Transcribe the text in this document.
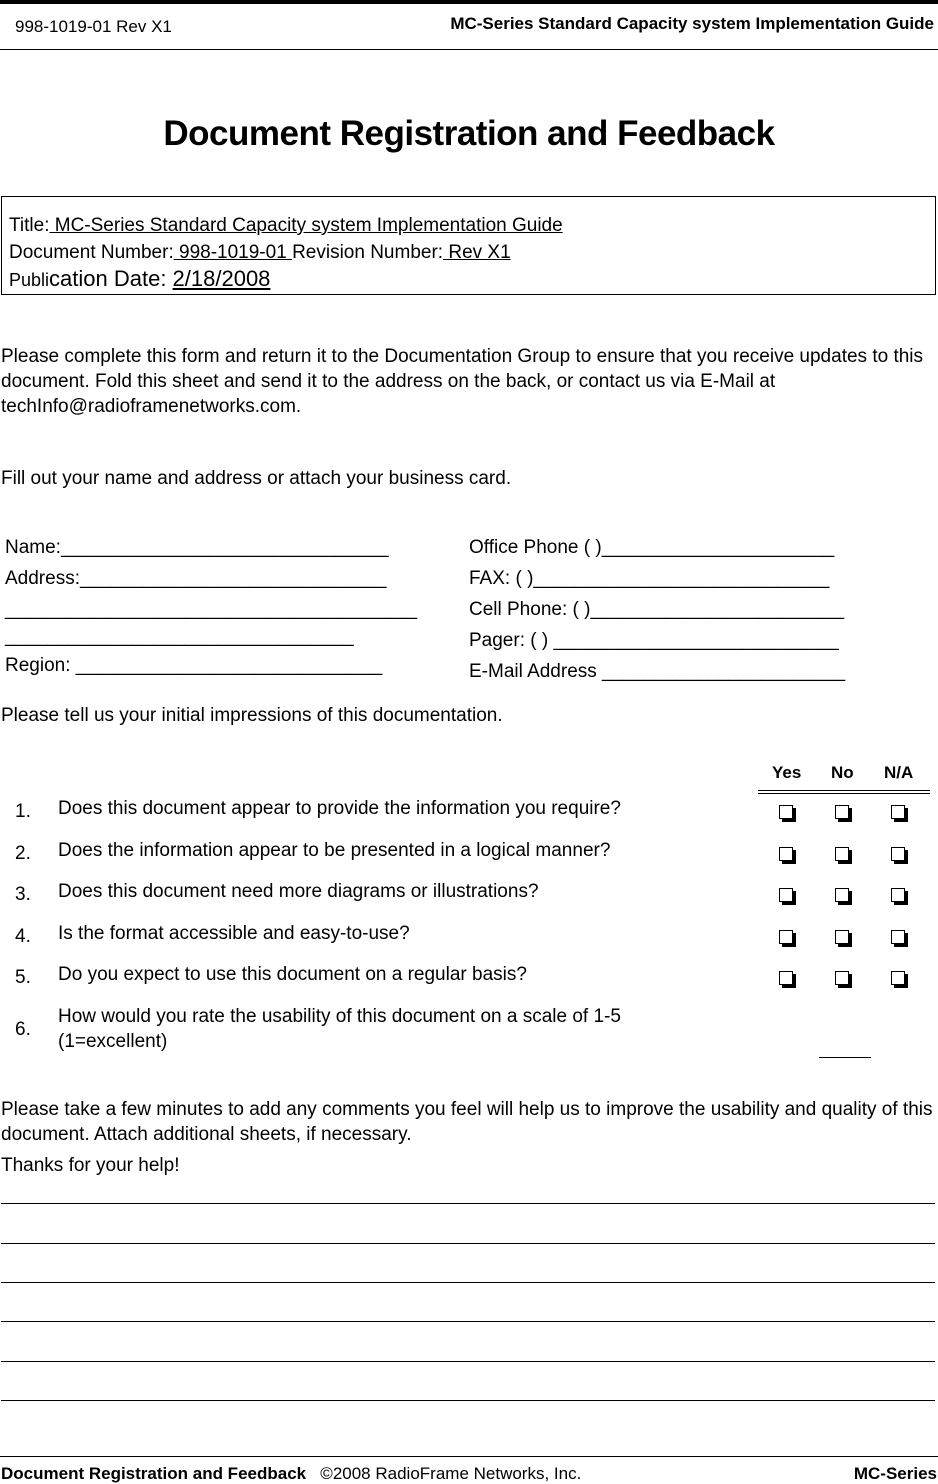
998-1019-01 Rev X1	MC-Series Standard Capacity system Implementation Guide
Document Registration and Feedback
Title: MC-Series Standard Capacity system Implementation Guide
Document Number: 998-1019-01 Revision Number: Rev X1
Publication Date: 2/18/2008
Please complete this form and return it to the Documentation Group to ensure that you receive updates to this document. Fold this sheet and send it to the address on the back, or contact us via E-Mail at techInfo@radioframenetworks.com.
Fill out your name and address or attach your business card.
Name:_______________________________
Address:_____________________________
_______________________________________
_________________________________
Region: _____________________________
Office Phone ( )______________________
FAX: ( )____________________________
Cell Phone: ( )________________________
Pager: ( ) ___________________________
E-Mail Address _______________________
Please tell us your initial impressions of this documentation.
Yes No N/A
1. Does this document appear to provide the information you require?
2. Does the information appear to be presented in a logical manner?
3. Does this document need more diagrams or illustrations?
4. Is the format accessible and easy-to-use?
5. Do you expect to use this document on a regular basis?
6.
How would you rate the usability of this document on a scale of 1-5 (1=excellent)
Please take a few minutes to add any comments you feel will help us to improve the usability and quality of this document. Attach additional sheets, if necessary.
Thanks for your help!
Document Registration and Feedback ©2008 RadioFrame Networks, Inc.	MC-Series
